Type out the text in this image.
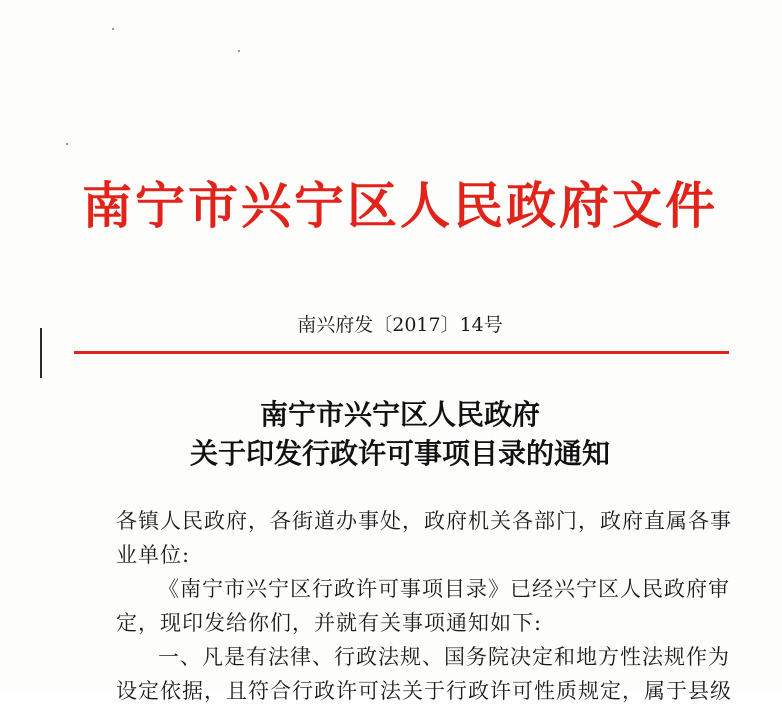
南宁市兴宁区人民政府文件
南兴府发〔2017〕14号
南宁市兴宁区人民政府
关于印发行政许可事项目录的通知
各镇人民政府，各街道办事处，政府机关各部门，政府直属各事
业单位:
《南宁市兴宁区行政许可事项目录》已经兴宁区人民政府审
定，现印发给你们，并就有关事项通知如下:
一、凡是有法律、行政法规、国务院决定和地方性法规作为
设定依据，且符合行政许可法关于行政许可性质规定，属于县级
